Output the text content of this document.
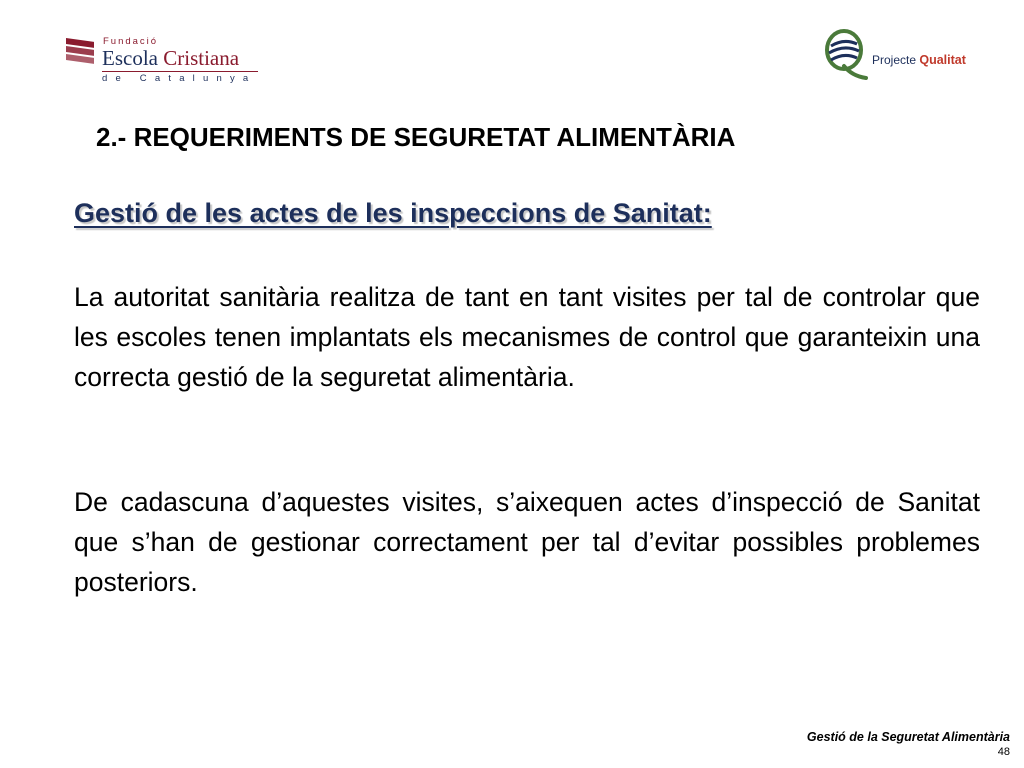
Fundació
Escola Cristiana
de Catalunya
Projecte Qualitat
2.- REQUERIMENTS DE SEGURETAT ALIMENTÀRIA
Gestió de les actes de les inspeccions de Sanitat:

La autoritat sanitària realitza de tant en tant visites per tal de controlar que les escoles tenen implantats els mecanismes de control que garanteixin una correcta gestió de la seguretat alimentària.

De cadascuna d’aquestes visites, s’aixequen actes d’inspecció de Sanitat que s’han de gestionar correctament per tal d’evitar possibles problemes posteriors.

Gestió de la Seguretat Alimentària
48
